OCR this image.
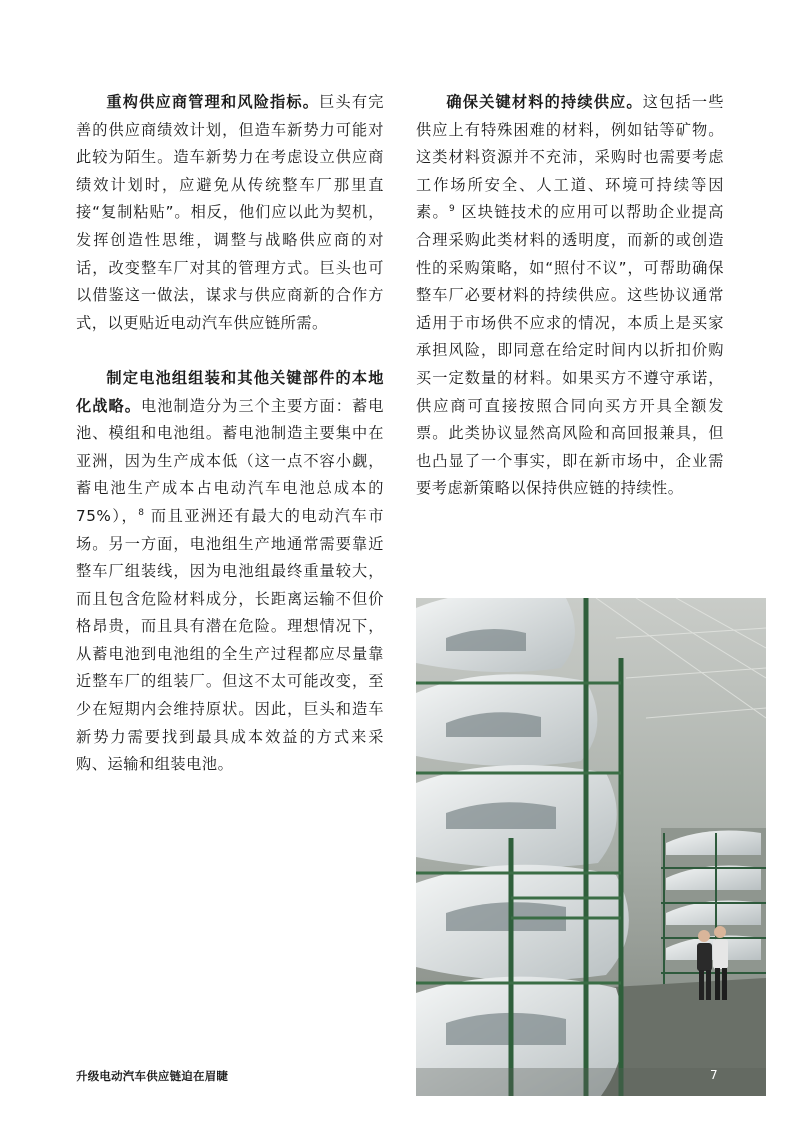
重构供应商管理和风险指标。巨头有完善的供应商绩效计划，但造车新势力可能对此较为陌生。造车新势力在考虑设立供应商绩效计划时，应避免从传统整车厂那里直接“复制粘贴”。相反，他们应以此为契机，发挥创造性思维，调整与战略供应商的对话，改变整车厂对其的管理方式。巨头也可以借鉴这一做法，谋求与供应商新的合作方式，以更贴近电动汽车供应链所需。

制定电池组组装和其他关键部件的本地化战略。电池制造分为三个主要方面：蓄电池、模组和电池组。蓄电池制造主要集中在亚洲，因为生产成本低（这一点不容小觑，蓄电池生产成本占电动汽车电池总成本的75%），$^8$ 而且亚洲还有最大的电动汽车市场。另一方面，电池组生产地通常需要靠近整车厂组装线，因为电池组最终重量较大，而且包含危险材料成分，长距离运输不但价格昂贵，而且具有潜在危险。理想情况下，从蓄电池到电池组的全生产过程都应尽量靠近整车厂的组装厂。但这不太可能改变，至少在短期内会维持原状。因此，巨头和造车新势力需要找到最具成本效益的方式来采购、运输和组装电池。

确保关键材料的持续供应。这包括一些供应上有特殊困难的材料，例如钴等矿物。这类材料资源并不充沛，采购时也需要考虑工作场所安全、人工道、环境可持续等因素。$^9$ 区块链技术的应用可以帮助企业提高合理采购此类材料的透明度，而新的或创造性的采购策略，如“照付不议”，可帮助确保整车厂必要材料的持续供应。这些协议通常适用于市场供不应求的情况，本质上是买家承担风险，即同意在给定时间内以折扣价购买一定数量的材料。如果买方不遵守承诺，供应商可直接按照合同向买方开具全额发票。此类协议显然高风险和高回报兼具，但也凸显了一个事实，即在新市场中，企业需要考虑新策略以保持供应链的持续性。

升级电动汽车供应链迫在眉睫	7
